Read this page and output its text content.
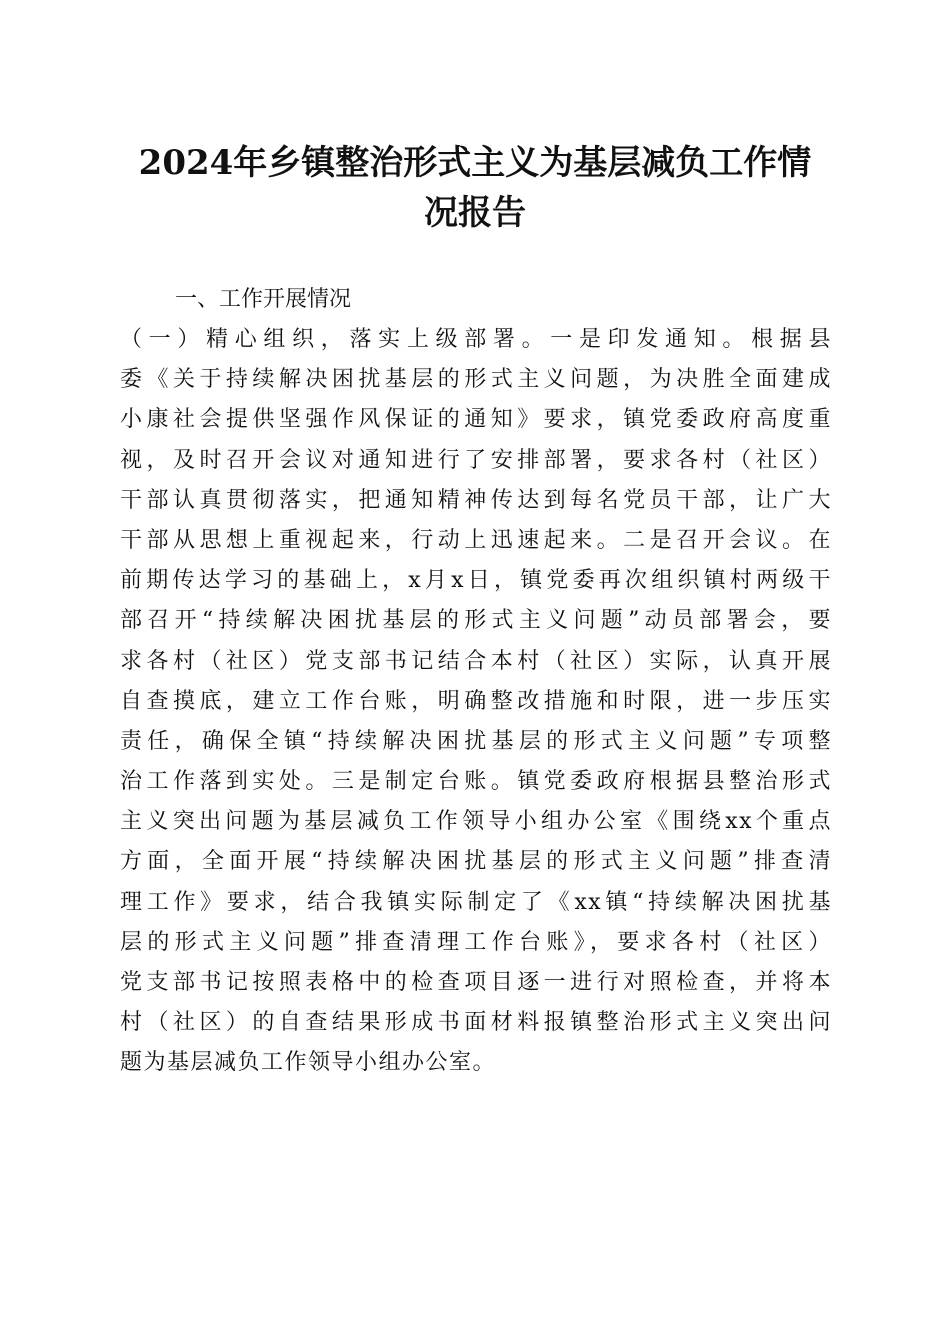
2024年乡镇整治形式主义为基层减负工作情
况报告
一、工作开展情况
（一）精心组织，落实上级部署。一是印发通知。根据县
委《关于持续解决困扰基层的形式主义问题，为决胜全面建成
小康社会提供坚强作风保证的通知》要求，镇党委政府高度重
视，及时召开会议对通知进行了安排部署，要求各村（社区）
干部认真贯彻落实，把通知精神传达到每名党员干部，让广大
干部从思想上重视起来，行动上迅速起来。二是召开会议。在
前期传达学习的基础上，x月x日，镇党委再次组织镇村两级干
部召开“持续解决困扰基层的形式主义问题”动员部署会，要
求各村（社区）党支部书记结合本村（社区）实际，认真开展
自查摸底，建立工作台账，明确整改措施和时限，进一步压实
责任，确保全镇“持续解决困扰基层的形式主义问题”专项整
治工作落到实处。三是制定台账。镇党委政府根据县整治形式
主义突出问题为基层减负工作领导小组办公室《围绕xx个重点
方面，全面开展“持续解决困扰基层的形式主义问题”排查清
理工作》要求，结合我镇实际制定了《xx镇“持续解决困扰基
层的形式主义问题”排查清理工作台账》，要求各村（社区）
党支部书记按照表格中的检查项目逐一进行对照检查，并将本
村（社区）的自查结果形成书面材料报镇整治形式主义突出问
题为基层减负工作领导小组办公室。
